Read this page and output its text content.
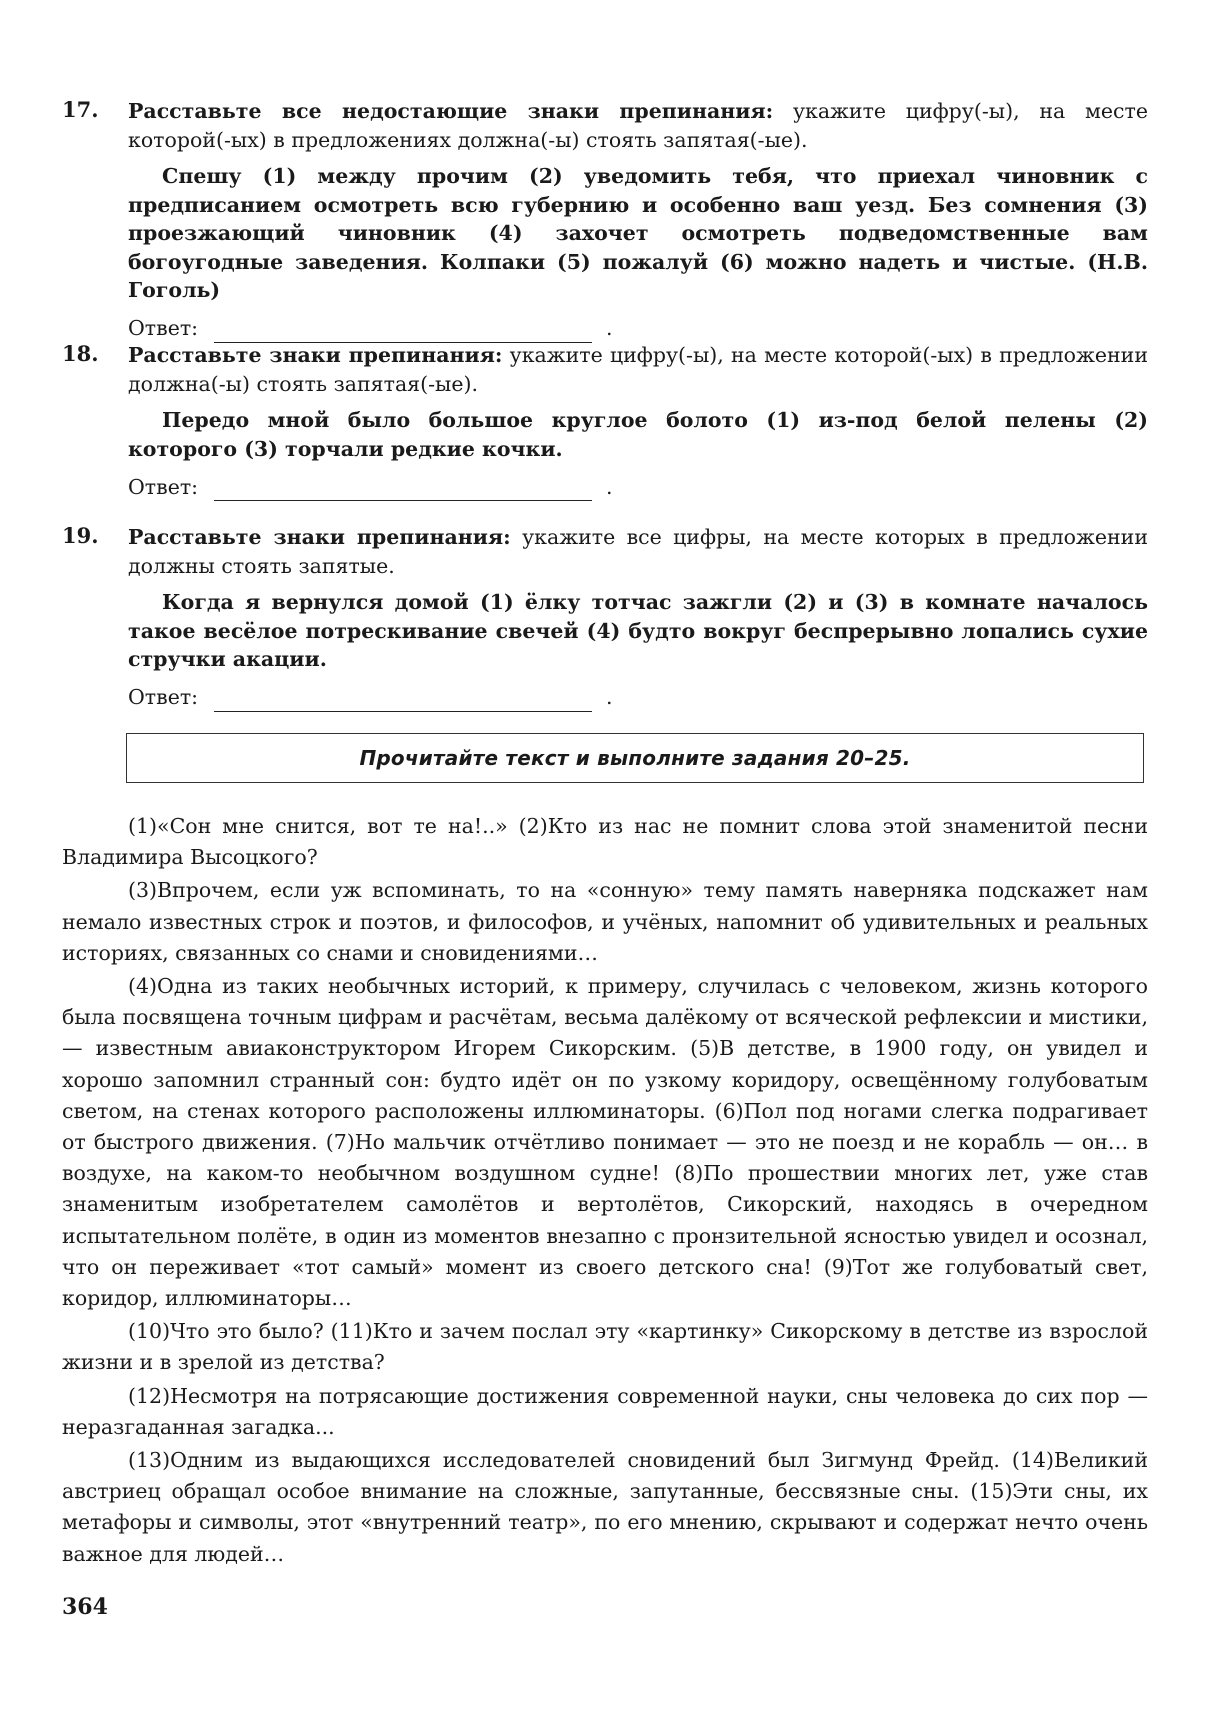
17. Расставьте все недостающие знаки препинания: укажите цифру(-ы), на месте которой(-ых) в предложениях должна(-ы) стоять запятая(-ые).
Спешу (1) между прочим (2) уведомить тебя, что приехал чиновник с предписанием осмотреть всю губернию и особенно ваш уезд. Без сомнения (3) проезжающий чиновник (4) захочет осмотреть подведомственные вам богоугодные заведения. Колпаки (5) пожалуй (6) можно надеть и чистые. (Н.В. Гоголь)
Ответ:	.
18. Расставьте знаки препинания: укажите цифру(-ы), на месте которой(-ых) в предложении должна(-ы) стоять запятая(-ые).
Передо мной было большое круглое болото (1) из-под белой пелены (2) которого (3) торчали редкие кочки.
Ответ:	.
19. Расставьте знаки препинания: укажите все цифры, на месте которых в предложении должны стоять запятые.
Когда я вернулся домой (1) ёлку тотчас зажгли (2) и (3) в комнате началось такое весёлое потрескивание свечей (4) будто вокруг беспрерывно лопались сухие стручки акации.
Ответ:	.
Прочитайте текст и выполните задания 20–25.

(1)«Сон мне снится, вот те на!..» (2)Кто из нас не помнит слова этой знаменитой песни Владимира Высоцкого?

(3)Впрочем, если уж вспоминать, то на «сонную» тему память наверняка подскажет нам немало известных строк и поэтов, и философов, и учёных, напомнит об удивительных и реальных историях, связанных со снами и сновидениями…

(4)Одна из таких необычных историй, к примеру, случилась с человеком, жизнь которого была посвящена точным цифрам и расчётам, весьма далёкому от всяческой рефлексии и мистики, — известным авиаконструктором Игорем Сикорским. (5)В детстве, в 1900 году, он увидел и хорошо запомнил странный сон: будто идёт он по узкому коридору, освещённому голубоватым светом, на стенах которого расположены иллюминаторы. (6)Пол под ногами слегка подрагивает от быстрого движения. (7)Но мальчик отчётливо понимает — это не поезд и не корабль — он… в воздухе, на каком-то необычном воздушном судне! (8)По прошествии многих лет, уже став знаменитым изобретателем самолётов и вертолётов, Сикорский, находясь в очередном испытательном полёте, в один из моментов внезапно с пронзительной ясностью увидел и осознал, что он переживает «тот самый» момент из своего детского сна! (9)Тот же голубоватый свет, коридор, иллюминаторы…

(10)Что это было? (11)Кто и зачем послал эту «картинку» Сикорскому в детстве из взрослой жизни и в зрелой из детства?

(12)Несмотря на потрясающие достижения современной науки, сны человека до сих пор — неразгаданная загадка...

(13)Одним из выдающихся исследователей сновидений был Зигмунд Фрейд. (14)Великий австриец обращал особое внимание на сложные, запутанные, бессвязные сны. (15)Эти сны, их метафоры и символы, этот «внутренний театр», по его мнению, скрывают и содержат нечто очень важное для людей…

364
